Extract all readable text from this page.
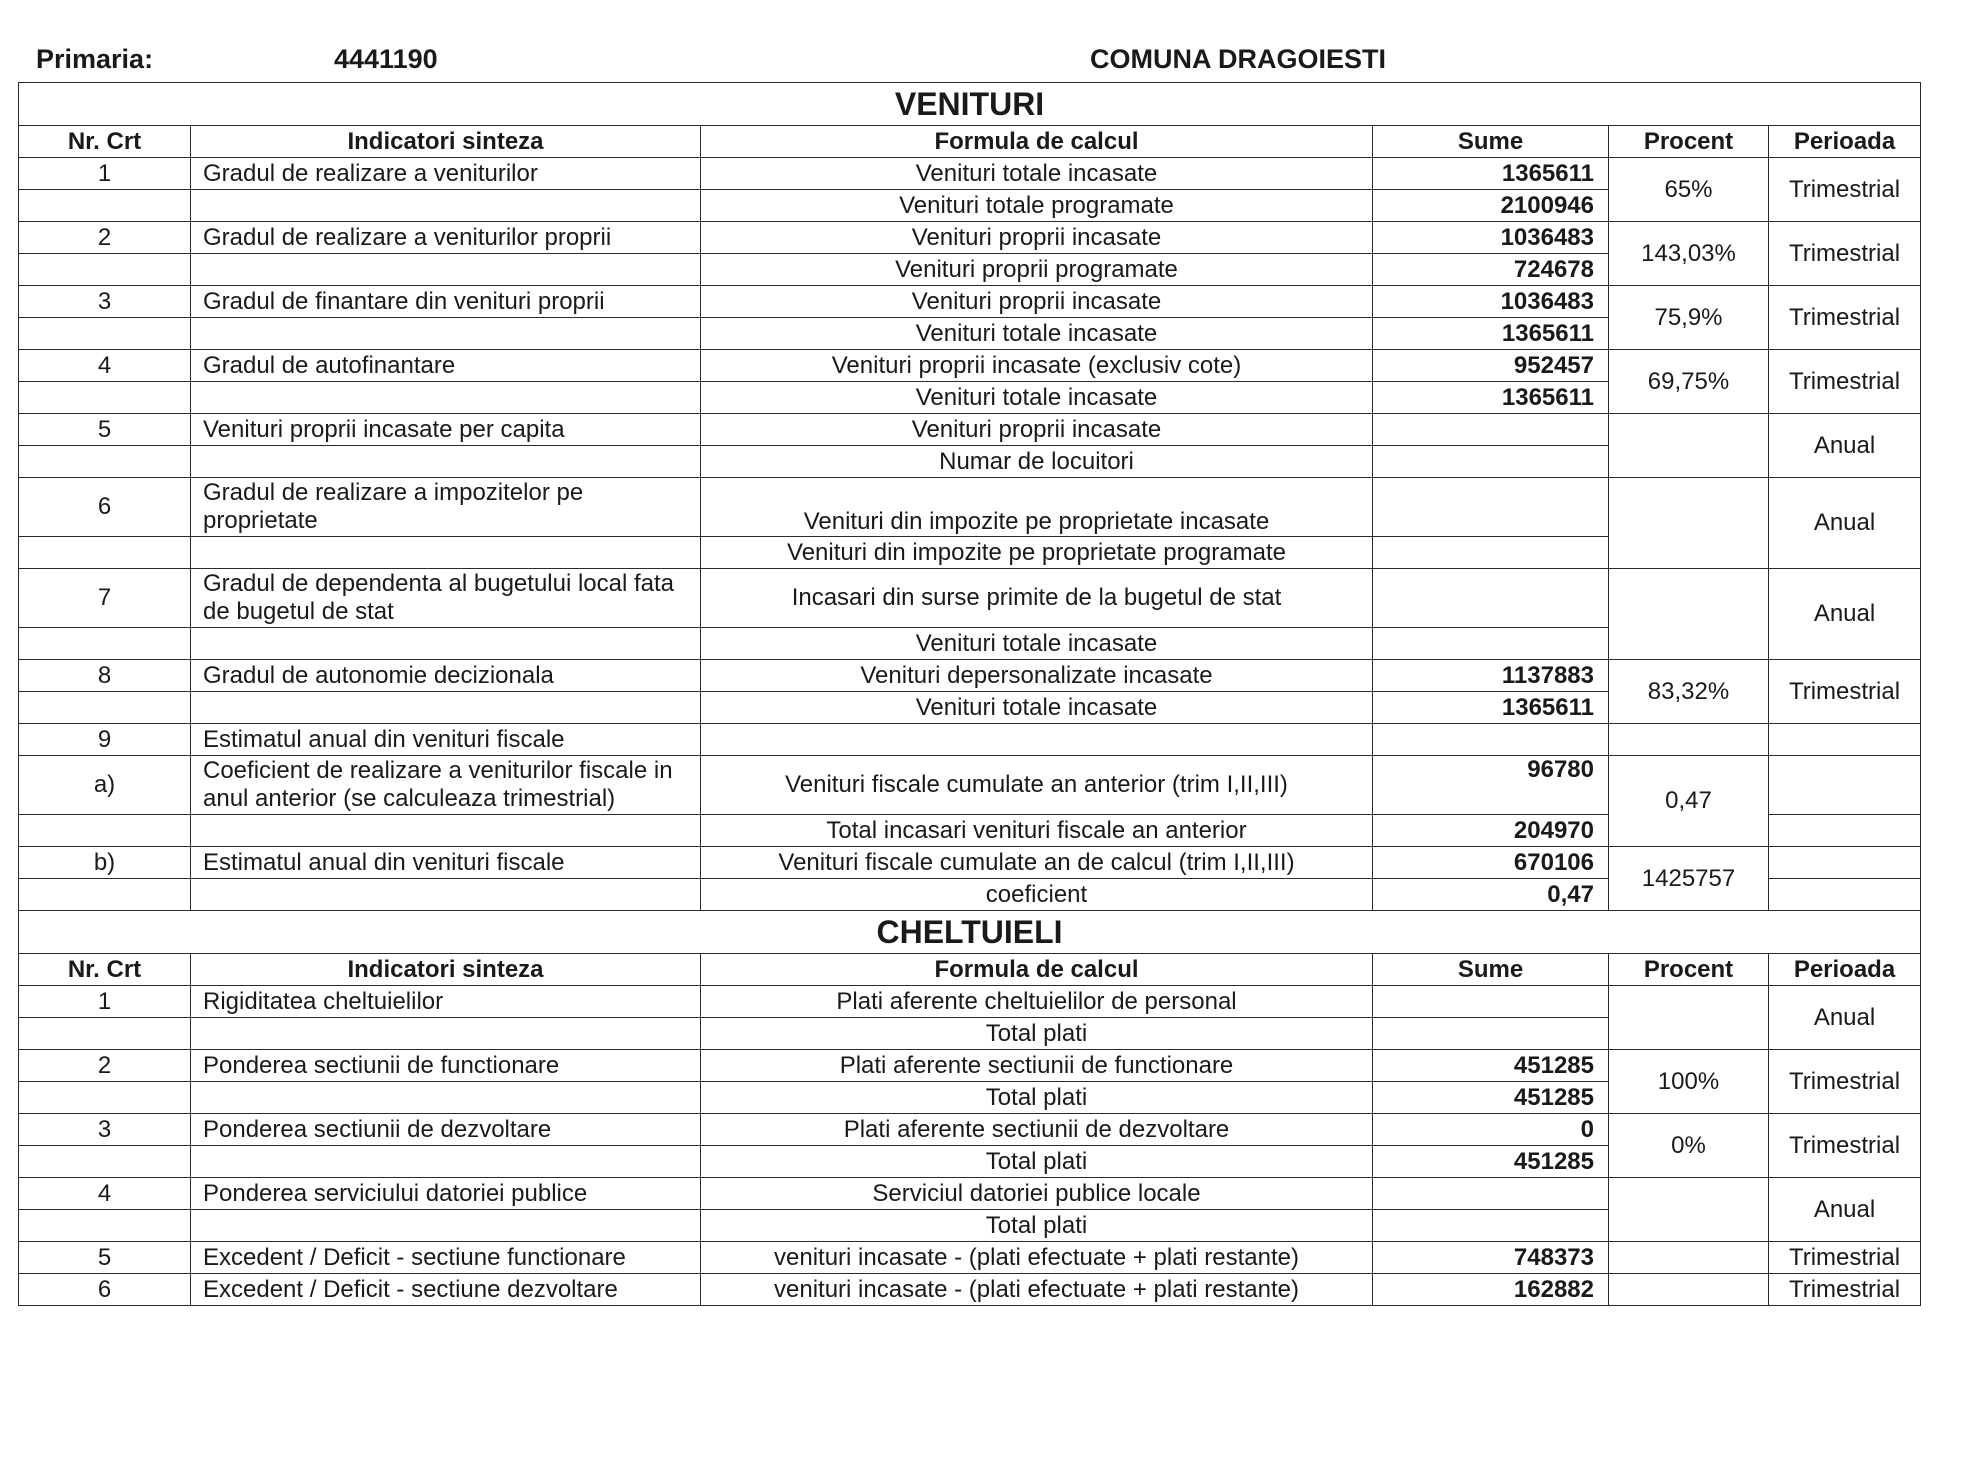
Primaria:	4441190	COMUNA DRAGOIESTI
VENITURI					
Nr. Crt	Indicatori sinteza	Formula de calcul	Sume	Procent	Perioada
1	Gradul de realizare a veniturilor	Venituri totale incasate	1365611	65%	Trimestrial
		Venituri totale programate	2100946		
2	Gradul de realizare a veniturilor proprii	Venituri proprii incasate	1036483	143,03%	Trimestrial
		Venituri proprii programate	724678		
3	Gradul de finantare din venituri proprii	Venituri proprii incasate	1036483	75,9%	Trimestrial
		Venituri totale incasate	1365611		
4	Gradul de autofinantare	Venituri proprii incasate (exclusiv cote)	952457	69,75%	Trimestrial
		Venituri totale incasate	1365611		
5	Venituri proprii incasate per capita	Venituri proprii incasate			Anual
		Numar de locuitori			
6	Gradul de realizare a impozitelor pe proprietate	Venituri din impozite pe proprietate incasate			Anual
		Venituri din impozite pe proprietate programate			
7	Gradul de dependenta al bugetului local fata de bugetul de stat	Incasari din surse primite de la bugetul de stat			Anual
		Venituri totale incasate			
8	Gradul de autonomie decizionala	Venituri depersonalizate incasate	1137883	83,32%	Trimestrial
		Venituri totale incasate	1365611		
9	Estimatul anual din venituri fiscale				
a)	Coeficient de realizare a veniturilor fiscale in anul anterior (se calculeaza trimestrial)	Venituri fiscale cumulate an anterior (trim I,II,III)	96780	0,47	
		Total incasari venituri fiscale an anterior	204970		
b)	Estimatul anual din venituri fiscale	Venituri fiscale cumulate an de calcul (trim I,II,III)	670106	1425757	
		coeficient	0,47		
CHELTUIELI					
Nr. Crt	Indicatori sinteza	Formula de calcul	Sume	Procent	Perioada
1	Rigiditatea cheltuielilor	Plati aferente cheltuielilor de personal			Anual
		Total plati			
2	Ponderea sectiunii de functionare	Plati aferente sectiunii de functionare	451285	100%	Trimestrial
		Total plati	451285		
3	Ponderea sectiunii de dezvoltare	Plati aferente sectiunii de dezvoltare	0	0%	Trimestrial
		Total plati	451285		
4	Ponderea serviciului datoriei publice	Serviciul datoriei publice locale			Anual
		Total plati			
5	Excedent / Deficit - sectiune functionare	venituri incasate - (plati efectuate + plati restante)	748373		Trimestrial
6	Excedent / Deficit - sectiune dezvoltare	venituri incasate - (plati efectuate + plati restante)	162882		Trimestrial
